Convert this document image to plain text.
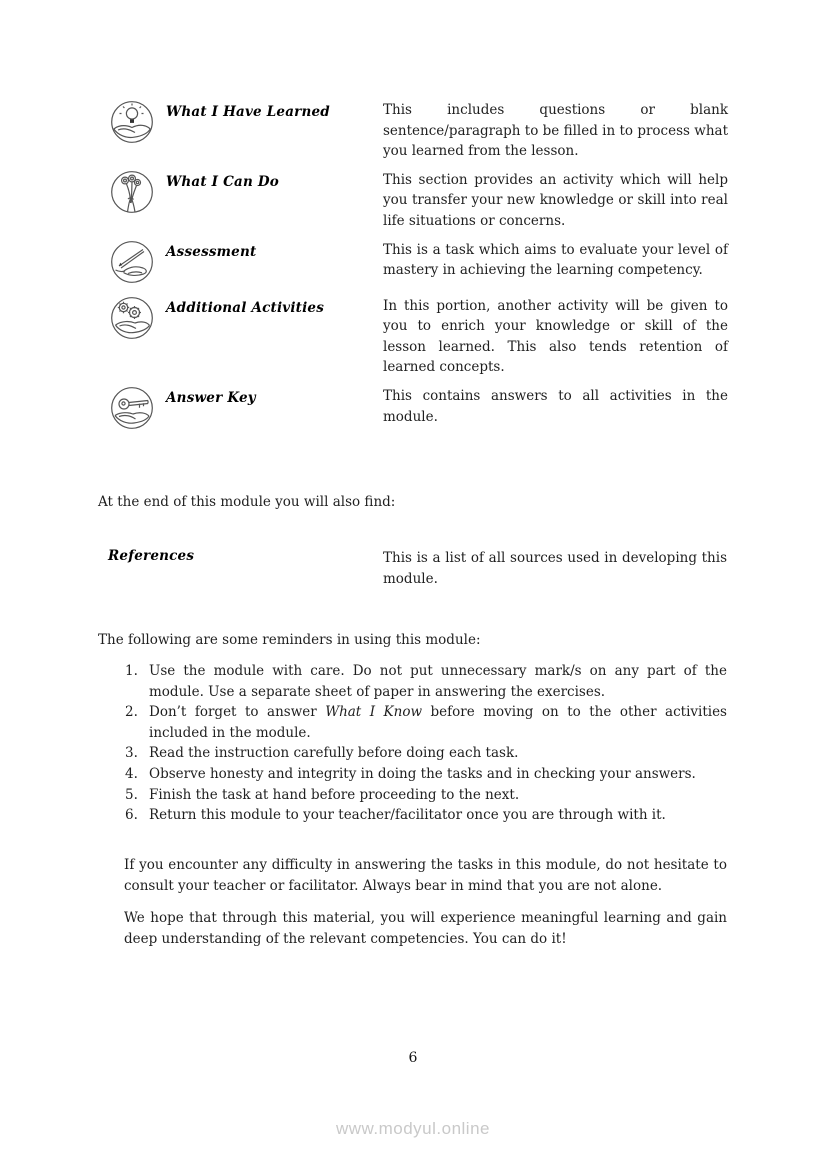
What I Have Learned	This includes questions or blank sentence/paragraph to be filled in to process what you learned from the lesson.
What I Can Do	This section provides an activity which will help you transfer your new knowledge or skill into real life situations or concerns.
Assessment	This is a task which aims to evaluate your level of mastery in achieving the learning competency.
Additional Activities	In this portion, another activity will be given to you to enrich your knowledge or skill of the lesson learned. This also tends retention of learned concepts.
Answer Key	This contains answers to all activities in the module.
At the end of this module you will also find:
References	This is a list of all sources used in developing this module.
The following are some reminders in using this module:
1. Use the module with care. Do not put unnecessary mark/s on any part of the module. Use a separate sheet of paper in answering the exercises.
2. Don’t forget to answer What I Know before moving on to the other activities included in the module.
3. Read the instruction carefully before doing each task.
4. Observe honesty and integrity in doing the tasks and in checking your answers.
5. Finish the task at hand before proceeding to the next.
6. Return this module to your teacher/facilitator once you are through with it.

If you encounter any difficulty in answering the tasks in this module, do not hesitate to consult your teacher or facilitator. Always bear in mind that you are not alone.

We hope that through this material, you will experience meaningful learning and gain deep understanding of the relevant competencies. You can do it!

6
www.modyul.online
